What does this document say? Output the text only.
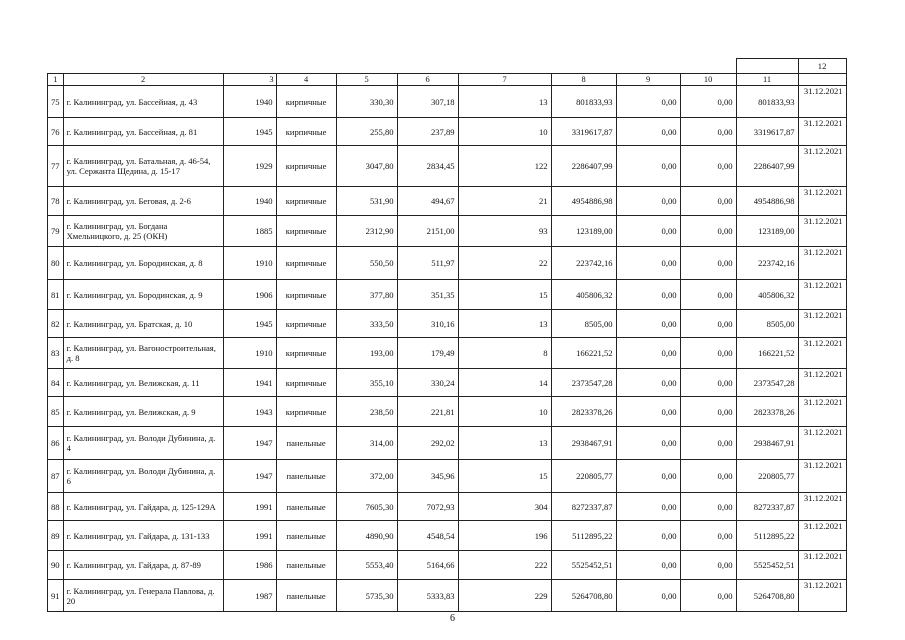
											12
1	2	3	4	5	6	7	8	9	10	11	
75	г. Калининград, ул. Бассейная, д. 43	1940	кирпичные	330,30	307,18	13	801833,93	0,00	0,00	801833,93	31.12.2021
76	г. Калининград, ул. Бассейная, д. 81	1945	кирпичные	255,80	237,89	10	3319617,87	0,00	0,00	3319617,87	31.12.2021
77	г. Калининград, ул. Батальная, д. 46-54, ул. Сержанта Щедина, д. 15-17	1929	кирпичные	3047,80	2834,45	122	2286407,99	0,00	0,00	2286407,99	31.12.2021
78	г. Калининград, ул. Беговая, д. 2-6	1940	кирпичные	531,90	494,67	21	4954886,98	0,00	0,00	4954886,98	31.12.2021
79	г. Калининград, ул. Богдана Хмельницкого, д. 25 (ОКН)	1885	кирпичные	2312,90	2151,00	93	123189,00	0,00	0,00	123189,00	31.12.2021
80	г. Калининград, ул. Бородинская, д. 8	1910	кирпичные	550,50	511,97	22	223742,16	0,00	0,00	223742,16	31.12.2021
81	г. Калининград, ул. Бородинская, д. 9	1906	кирпичные	377,80	351,35	15	405806,32	0,00	0,00	405806,32	31.12.2021
82	г. Калининград, ул. Братская, д. 10	1945	кирпичные	333,50	310,16	13	8505,00	0,00	0,00	8505,00	31.12.2021
83	г. Калининград, ул. Вагоностроительная, д. 8	1910	кирпичные	193,00	179,49	8	166221,52	0,00	0,00	166221,52	31.12.2021
84	г. Калининград, ул. Велижская, д. 11	1941	кирпичные	355,10	330,24	14	2373547,28	0,00	0,00	2373547,28	31.12.2021
85	г. Калининград, ул. Велижская, д. 9	1943	кирпичные	238,50	221,81	10	2823378,26	0,00	0,00	2823378,26	31.12.2021
86	г. Калининград, ул. Володи Дубинина, д. 4	1947	панельные	314,00	292,02	13	2938467,91	0,00	0,00	2938467,91	31.12.2021
87	г. Калининград, ул. Володи Дубинина, д. 6	1947	панельные	372,00	345,96	15	220805,77	0,00	0,00	220805,77	31.12.2021
88	г. Калининград, ул. Гайдара, д. 125-129А	1991	панельные	7605,30	7072,93	304	8272337,87	0,00	0,00	8272337,87	31.12.2021
89	г. Калининград, ул. Гайдара, д. 131-133	1991	панельные	4890,90	4548,54	196	5112895,22	0,00	0,00	5112895,22	31.12.2021
90	г. Калининград, ул. Гайдара, д. 87-89	1986	панельные	5553,40	5164,66	222	5525452,51	0,00	0,00	5525452,51	31.12.2021
91	г. Калининград, ул. Генерала Павлова, д. 20	1987	панельные	5735,30	5333,83	229	5264708,80	0,00	0,00	5264708,80	31.12.2021
6
